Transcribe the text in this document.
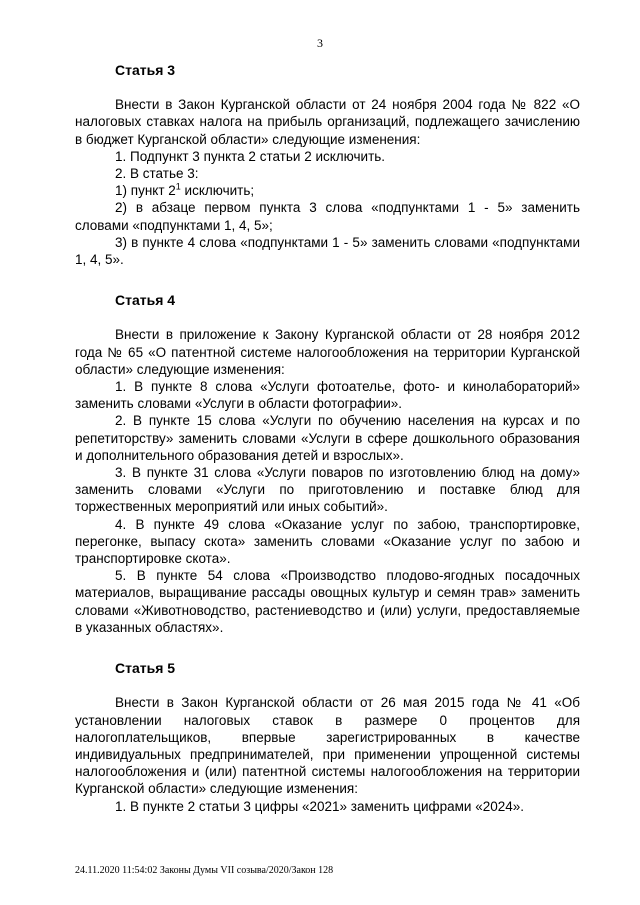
3

Статья 3

Внести в Закон Курганской области от 24 ноября 2004 года № 822 «О налоговых ставках налога на прибыль организаций, подлежащего зачислению в бюджет Курганской области» следующие изменения:

1. Подпункт 3 пункта 2 статьи 2 исключить.

2. В статье 3:

1) пункт $2^1$ исключить;

2) в абзаце первом пункта 3 слова «подпунктами 1 - 5» заменить словами «подпунктами 1, 4, 5»;

3) в пункте 4 слова «подпунктами 1 - 5» заменить словами «подпунктами 1, 4, 5».

Статья 4

Внести в приложение к Закону Курганской области от 28 ноября 2012 года № 65 «О патентной системе налогообложения на территории Курганской области» следующие изменения:

1. В пункте 8 слова «Услуги фотоателье, фото- и кинолабораторий» заменить словами «Услуги в области фотографии».

2. В пункте 15 слова «Услуги по обучению населения на курсах и по репетиторству» заменить словами «Услуги в сфере дошкольного образования и дополнительного образования детей и взрослых».

3. В пункте 31 слова «Услуги поваров по изготовлению блюд на дому» заменить словами «Услуги по приготовлению и поставке блюд для торжественных мероприятий или иных событий».

4. В пункте 49 слова «Оказание услуг по забою, транспортировке, перегонке, выпасу скота» заменить словами «Оказание услуг по забою и транспортировке скота».

5. В пункте 54 слова «Производство плодово-ягодных посадочных материалов, выращивание рассады овощных культур и семян трав» заменить словами «Животноводство, растениеводство и (или) услуги, предоставляемые в указанных областях».

Статья 5

Внести в Закон Курганской области от 26 мая 2015 года № 41 «Об установлении налоговых ставок в размере 0 процентов для налогоплательщиков, впервые зарегистрированных в качестве индивидуальных предпринимателей, при применении упрощенной системы налогообложения и (или) патентной системы налогообложения на территории Курганской области» следующие изменения:

1. В пункте 2 статьи 3 цифры «2021» заменить цифрами «2024».

24.11.2020 11:54:02 Законы Думы VII созыва/2020/Закон 128
